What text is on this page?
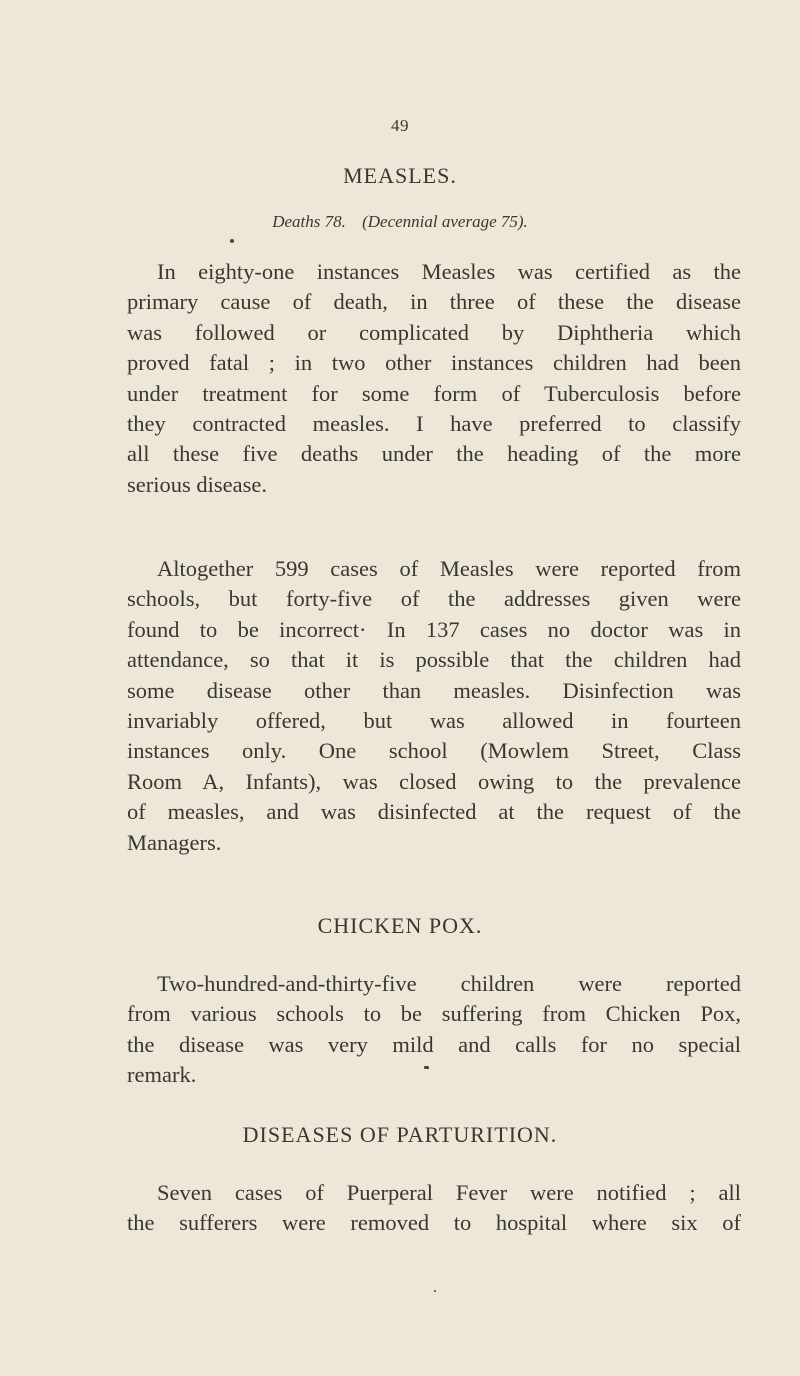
49
MEASLES.
Deaths 78. (Decennial average 75).
In eighty-one instances Measles was certified as the
primary cause of death, in three of these the disease
was followed or complicated by Diphtheria which
proved fatal ; in two other instances children had been
under treatment for some form of Tuberculosis before
they contracted measles. I have preferred to classify
all these five deaths under the heading of the more
serious disease.
Altogether 599 cases of Measles were reported from
schools, but forty-five of the addresses given were
found to be incorrect· In 137 cases no doctor was in
attendance, so that it is possible that the children had
some disease other than measles. Disinfection was
invariably offered, but was allowed in fourteen
instances only. One school (Mowlem Street, Class
Room A, Infants), was closed owing to the prevalence
of measles, and was disinfected at the request of the
Managers.
CHICKEN POX.
Two-hundred-and-thirty-five children were reported
from various schools to be suffering from Chicken Pox,
the disease was very mild and calls for no special
remark.
DISEASES OF PARTURITION.
Seven cases of Puerperal Fever were notified ; all
the sufferers were removed to hospital where six of
